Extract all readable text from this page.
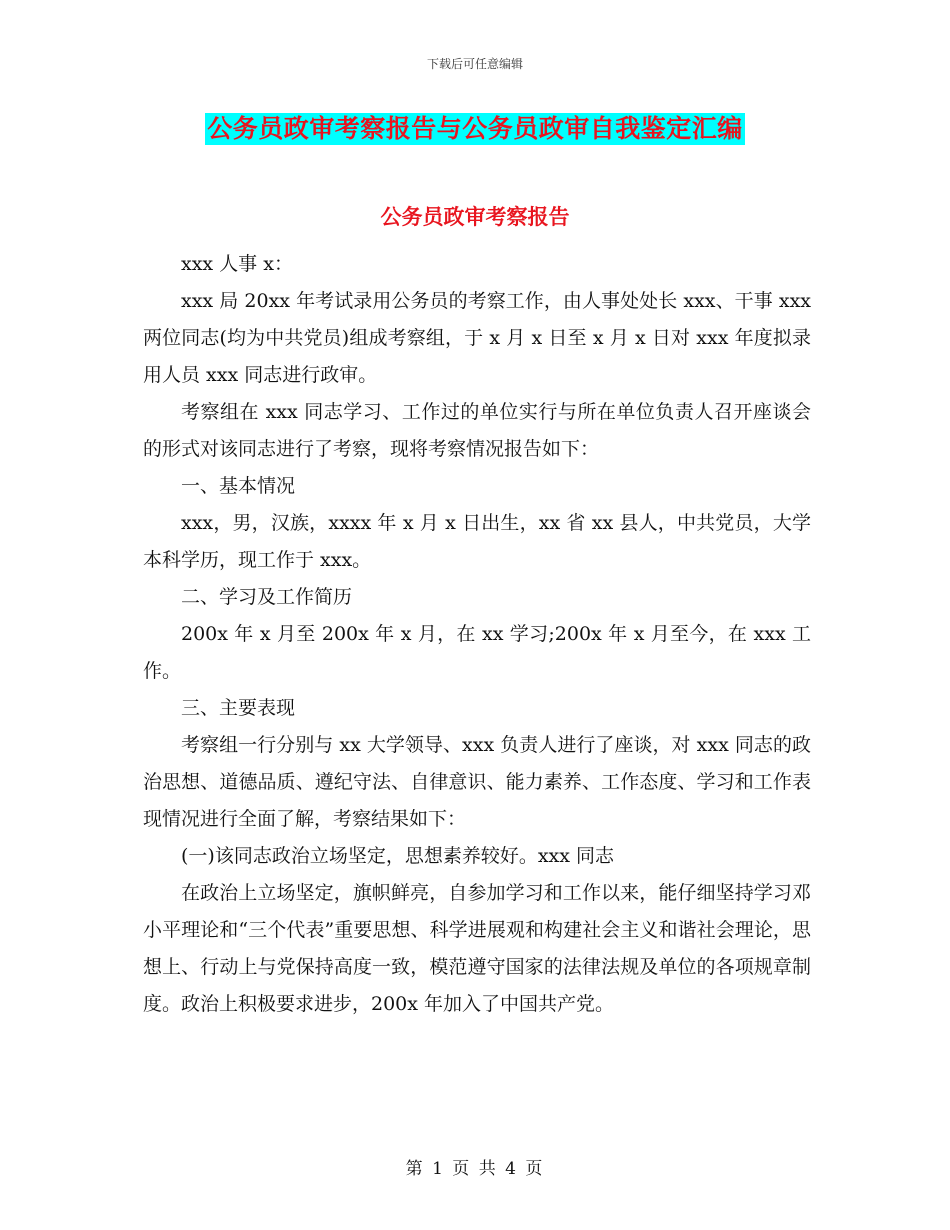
下载后可任意编辑
公务员政审考察报告与公务员政审自我鉴定汇编
公务员政审考察报告

xxx 人事 x：

xxx 局 20xx 年考试录用公务员的考察工作，由人事处处长 xxx、干事 xxx 两位同志(均为中共党员)组成考察组，于 x 月 x 日至 x 月 x 日对 xxx 年度拟录用人员 xxx 同志进行政审。

考察组在 xxx 同志学习、工作过的单位实行与所在单位负责人召开座谈会的形式对该同志进行了考察，现将考察情况报告如下：

一、基本情况

xxx，男，汉族，xxxx 年 x 月 x 日出生，xx 省 xx 县人，中共党员，大学本科学历，现工作于 xxx。

二、学习及工作简历

200x 年 x 月至 200x 年 x 月，在 xx 学习;200x 年 x 月至今，在 xxx 工作。

三、主要表现

考察组一行分别与 xx 大学领导、xxx 负责人进行了座谈，对 xxx 同志的政治思想、道德品质、遵纪守法、自律意识、能力素养、工作态度、学习和工作表现情况进行全面了解，考察结果如下：

(一)该同志政治立场坚定，思想素养较好。xxx 同志

在政治上立场坚定，旗帜鲜亮，自参加学习和工作以来，能仔细坚持学习邓小平理论和“三个代表”重要思想、科学进展观和构建社会主义和谐社会理论，思想上、行动上与党保持高度一致，模范遵守国家的法律法规及单位的各项规章制度。政治上积极要求进步，200x 年加入了中国共产党。

第 1 页 共 4 页
